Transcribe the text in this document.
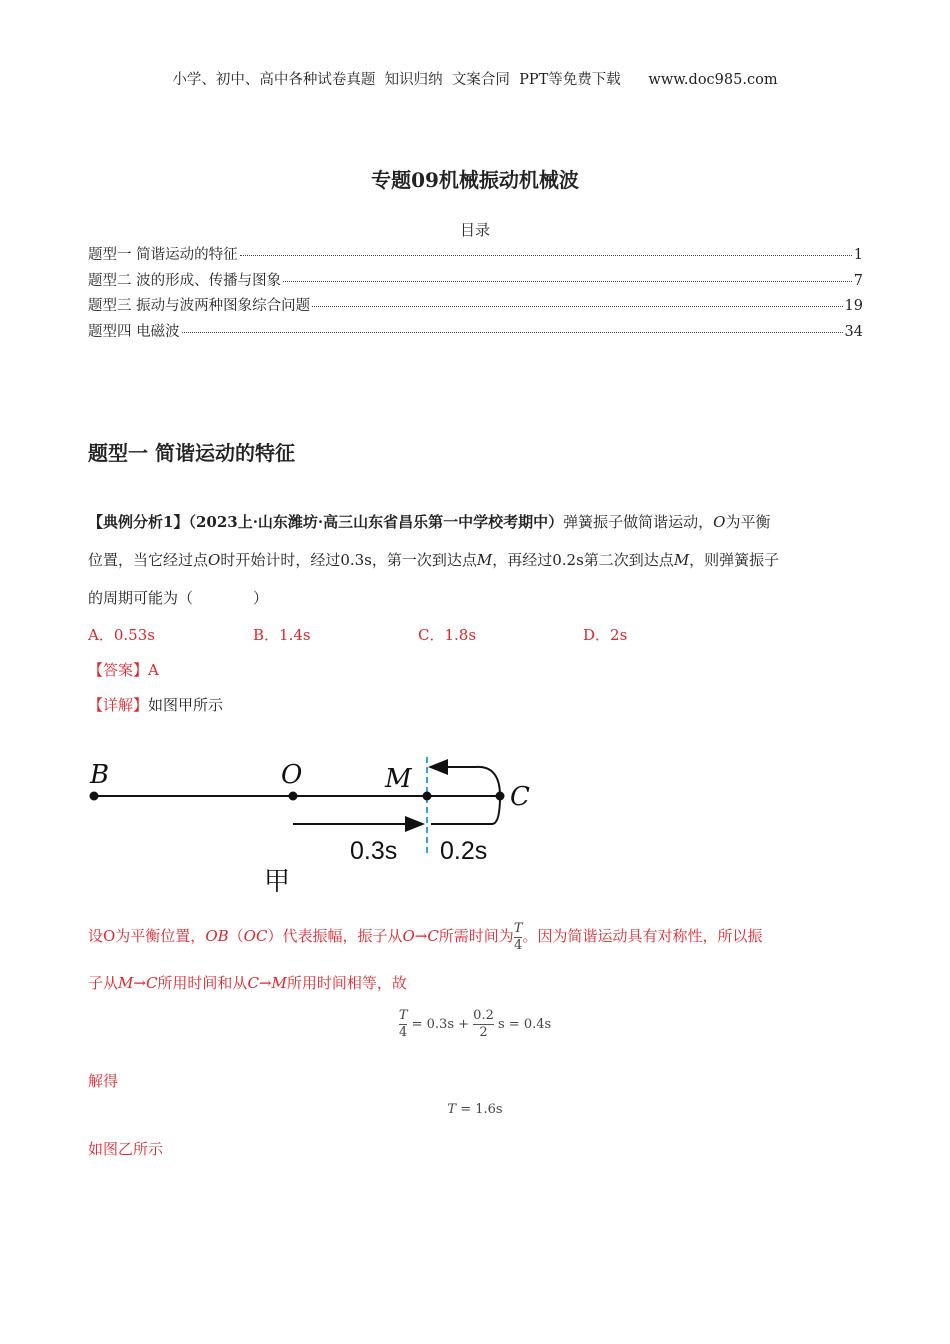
小学、初中、高中各种试卷真题  知识归纳  文案合同  PPT等免费下载 www.doc985.com
专题09机械振动机械波
目录
题型一 简谐运动的特征	1
题型二 波的形成、传播与图象	7
题型三 振动与波两种图象综合问题	19
题型四 电磁波	34
题型一 简谐运动的特征
【典例分析1】（2023上·山东潍坊·高三山东省昌乐第一中学校考期中）弹簧振子做简谐运动，O为平衡
位置，当它经过点O时开始计时，经过0.3s，第一次到达点M，再经过0.2s第二次到达点M，则弹簧振子
的周期可能为（　　　　）
A．0.53s	B．1.4s	C．1.8s	D．2s
【答案】A
【详解】如图甲所示
B	O	M
C
0.3s 0.2s
甲
设O为平衡位置，OB（OC）代表振幅，振子从O→C所需时间为 $\frac{T}{4}$ 。因为简谐运动具有对称性，所以振
子从M→C所用时间和从C→M所用时间相等，故
$\frac{T}{4} = 0.3s + \frac{0.2}{2}$ s = 0.4s
解得
T = 1.6s
如图乙所示
